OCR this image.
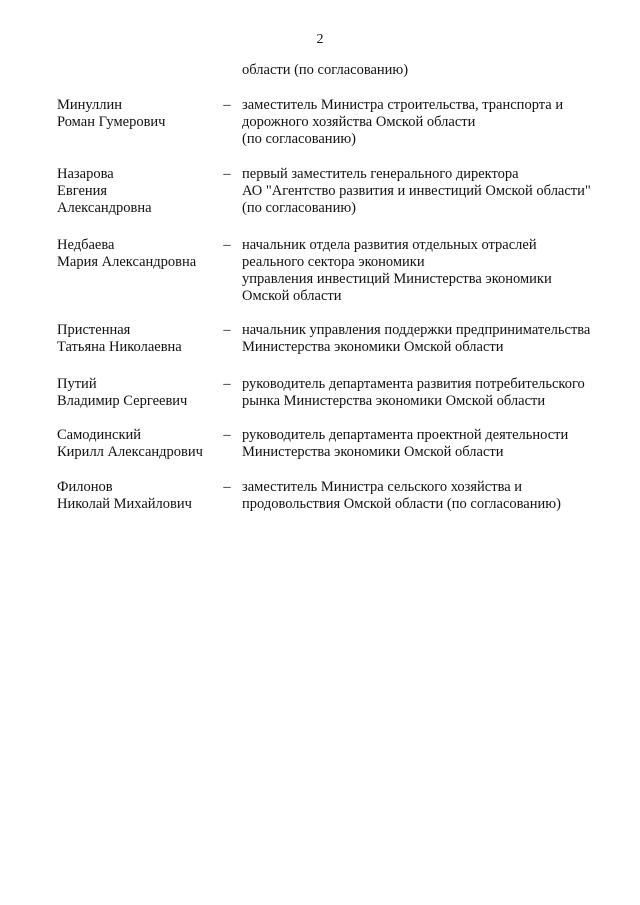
2
области (по согласованию)
Минуллин
Роман Гумерович
– заместитель Министра строительства, транспорта и
дорожного хозяйства Омской области
(по согласованию)
Назарова
Евгения
Александровна
– первый заместитель генерального директора
АО "Агентство развития и инвестиций Омской области"
(по согласованию)
Недбаева
Мария Александровна
– начальник отдела развития отдельных отраслей
реального сектора экономики
управления инвестиций Министерства экономики
Омской области
Пристенная
Татьяна Николаевна
– начальник управления поддержки предпринимательства
Министерства экономики Омской области
Путий
Владимир Сергеевич
– руководитель департамента развития потребительского
рынка Министерства экономики Омской области
Самодинский
Кирилл Александрович
– руководитель департамента проектной деятельности
Министерства экономики Омской области
Филонов
Николай Михайлович
– заместитель Министра сельского хозяйства и
продовольствия Омской области (по согласованию)
